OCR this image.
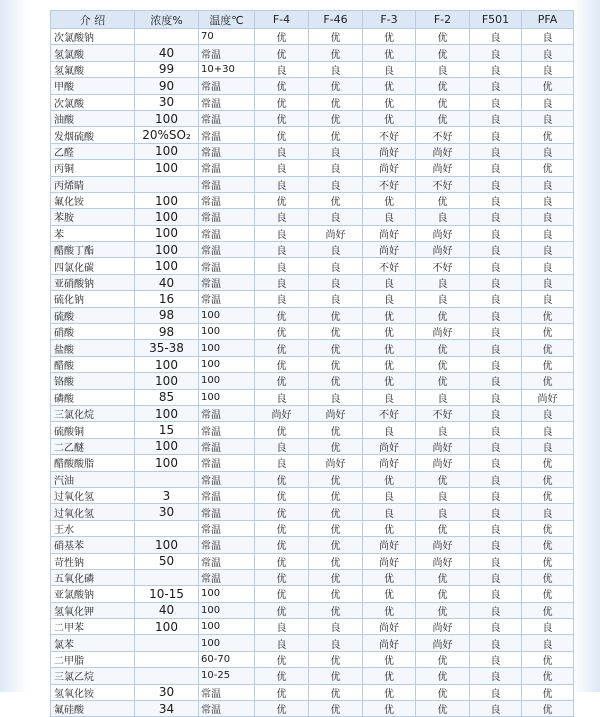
介 绍	浓度%	温度℃	F-4	F-46	F-3	F-2	F501	PFA
次氯酸钠		70	优	优	优	优	良	良
氢氯酸	40	常温	优	优	优	优	良	良
氢氟酸	99	10+30	良	良	良	良	良	良
甲酸	90	常温	优	优	优	优	良	优
次氯酸	30	常温	优	优	优	优	良	良
油酸	100	常温	优	优	优	优	良	良
发烟硫酸	20%SO₂	常温	优	优	不好	不好	良	优
乙醛	100	常温	良	良	尚好	尚好	良	良
丙铜	100	常温	良	良	尚好	尚好	良	优
丙烯睛		常温	良	良	不好	不好	良	良
氟化铵	100	常温	优	优	优	优	良	良
苯胺	100	常温	良	良	良	良	良	良
苯	100	常温	良	尚好	尚好	尚好	良	良
醋酸丁酯	100	常温	良	良	尚好	尚好	良	良
四氯化碳	100	常温	良	良	不好	不好	良	良
亚硝酸钠	40	常温	良	良	良	良	良	良
硫化钠	16	常温	良	良	良	良	良	良
硫酸	98	100	优	优	优	优	良	优
硝酸	98	100	优	优	优	尚好	良	优
盐酸	35-38	100	优	优	优	优	良	优
醋酸	100	100	优	优	优	优	良	优
铬酸	100	100	优	优	优	优	良	优
磷酸	85	100	良	良	良	良	良	尚好
三氯化烷	100	常温	尚好	尚好	不好	不好	良	良
硫酸铜	15	常温	优	优	良	良	良	良
二乙醚	100	常温	良	优	尚好	尚好	良	良
醋酸酸脂	100	常温	良	尚好	尚好	尚好	良	优
汽油		常温	优	优	优	优	良	优
过氧化氢	3	常温	优	优	良	良	良	优
过氧化氢	30	常温	优	优	良	良	良	良
王水		常温	优	优	优	优	良	优
硝基苯	100	常温	优	优	尚好	尚好	良	优
苛性钠	50	常温	优	优	尚好	尚好	良	优
五氧化磷		常温	优	优	优	优	良	优
亚氯酸钠	10-15	100	优	优	优	优	良	优
氢氧化钾	40	100	优	优	优	优	良	优
二甲苯	100	100	良	良	尚好	尚好	良	良
氯苯		100	良	良	尚好	尚好	良	良
二甲脂		60-70	优	优	优	优	良	优
三氯乙烷		10-25	优	优	优	优	良	优
氢氧化铵	30	常温	优	优	优	优	良	优
氟硅酸	34	常温	优	优	优	优	良	优
